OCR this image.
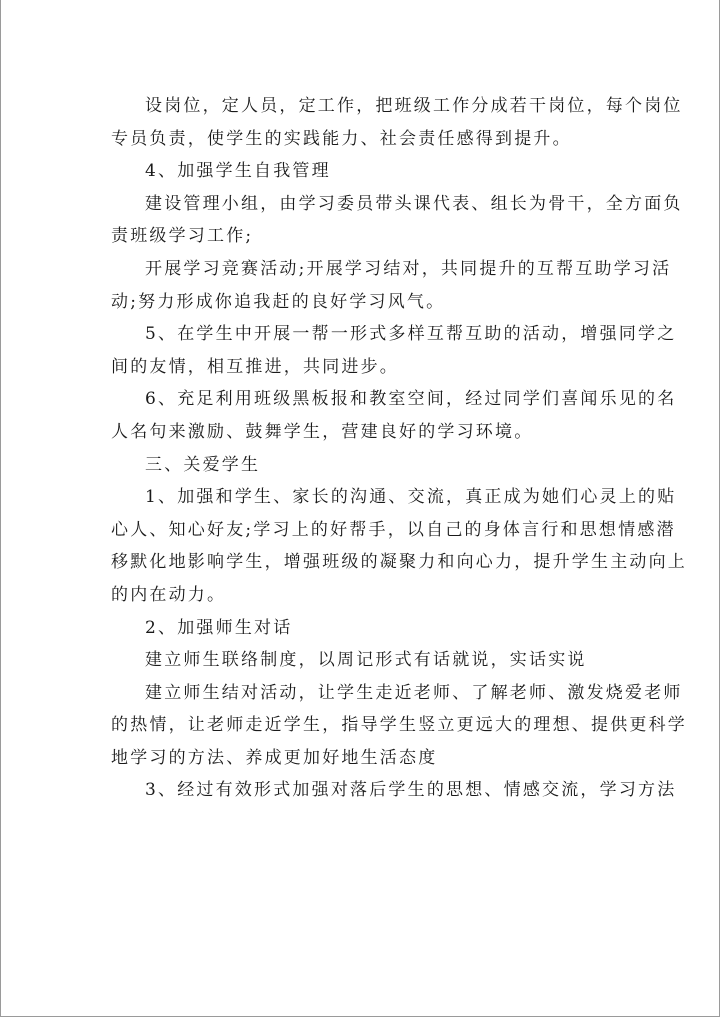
设岗位，定人员，定工作，把班级工作分成若干岗位，每个岗位
专员负责，使学生的实践能力、社会责任感得到提升。
4、加强学生自我管理
建设管理小组，由学习委员带头课代表、组长为骨干，全方面负
责班级学习工作;
开展学习竞赛活动;开展学习结对，共同提升的互帮互助学习活
动;努力形成你追我赶的良好学习风气。
5、在学生中开展一帮一形式多样互帮互助的活动，增强同学之
间的友情，相互推进，共同进步。
6、充足利用班级黑板报和教室空间，经过同学们喜闻乐见的名
人名句来激励、鼓舞学生，营建良好的学习环境。
三、关爱学生
1、加强和学生、家长的沟通、交流，真正成为她们心灵上的贴
心人、知心好友;学习上的好帮手，以自己的身体言行和思想情感潜
移默化地影响学生，增强班级的凝聚力和向心力，提升学生主动向上
的内在动力。
2、加强师生对话
建立师生联络制度，以周记形式有话就说，实话实说
建立师生结对活动，让学生走近老师、了解老师、激发烧爱老师
的热情，让老师走近学生，指导学生竖立更远大的理想、提供更科学
地学习的方法、养成更加好地生活态度
3、经过有效形式加强对落后学生的思想、情感交流，学习方法
